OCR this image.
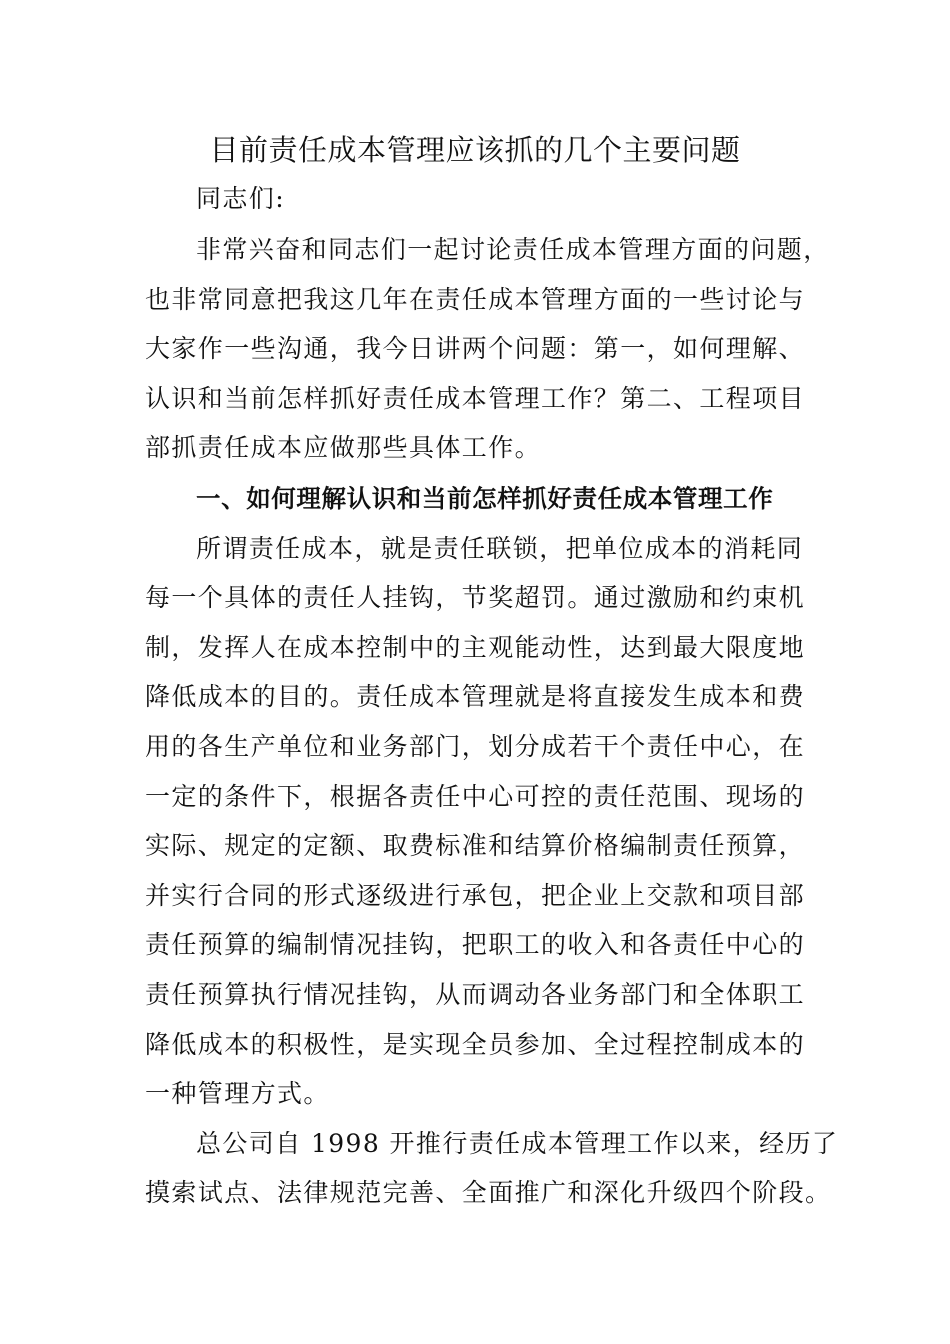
目前责任成本管理应该抓的几个主要问题
同志们:
非常兴奋和同志们一起讨论责任成本管理方面的问题，
也非常同意把我这几年在责任成本管理方面的一些讨论与
大家作一些沟通，我今日讲两个问题：第一，如何理解、
认识和当前怎样抓好责任成本管理工作？第二、工程项目
部抓责任成本应做那些具体工作。
一、如何理解认识和当前怎样抓好责任成本管理工作
所谓责任成本，就是责任联锁，把单位成本的消耗同
每一个具体的责任人挂钩，节奖超罚。通过激励和约束机
制，发挥人在成本控制中的主观能动性，达到最大限度地
降低成本的目的。责任成本管理就是将直接发生成本和费
用的各生产单位和业务部门，划分成若干个责任中心，在
一定的条件下，根据各责任中心可控的责任范围、现场的
实际、规定的定额、取费标准和结算价格编制责任预算，
并实行合同的形式逐级进行承包，把企业上交款和项目部
责任预算的编制情况挂钩，把职工的收入和各责任中心的
责任预算执行情况挂钩，从而调动各业务部门和全体职工
降低成本的积极性，是实现全员参加、全过程控制成本的
一种管理方式。
总公司自 1998 开推行责任成本管理工作以来，经历了
摸索试点、法律规范完善、全面推广和深化升级四个阶段。
